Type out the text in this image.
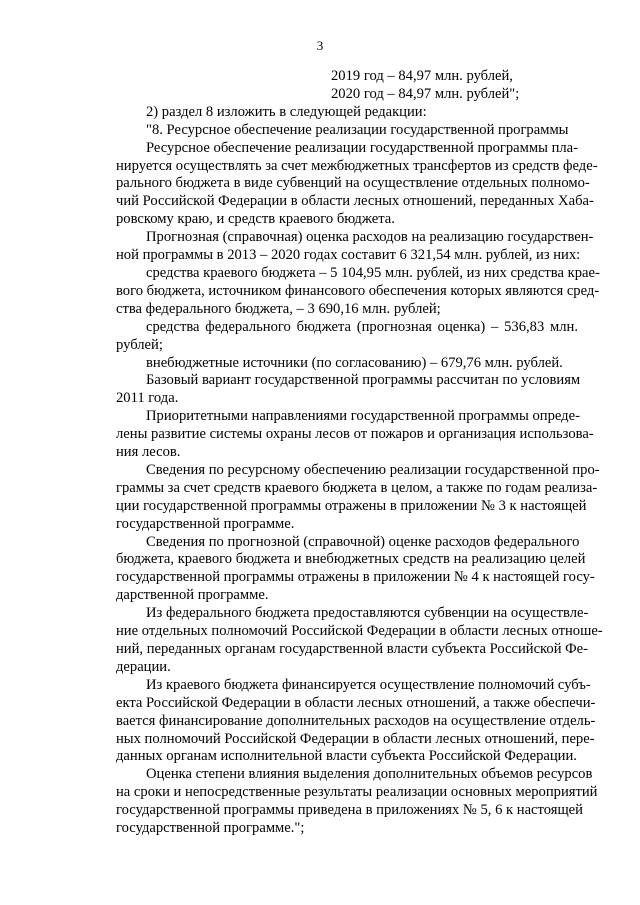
3

2019 год – 84,97 млн. рублей,

2020 год – 84,97 млн. рублей";

2) раздел 8 изложить в следующей редакции:

"8. Ресурсное обеспечение реализации государственной программы

Ресурсное обеспечение реализации государственной программы пла-
нируется осуществлять за счет межбюджетных трансфертов из средств феде-
рального бюджета в виде субвенций на осуществление отдельных полномо-
чий Российской Федерации в области лесных отношений, переданных Хаба-
ровскому краю, и средств краевого бюджета.

Прогнозная (справочная) оценка расходов на реализацию государствен-
ной программы в 2013 – 2020 годах составит 6 321,54 млн. рублей, из них:

средства краевого бюджета – 5 104,95 млн. рублей, из них средства крае-
вого бюджета, источником финансового обеспечения которых являются сред-
ства федерального бюджета, – 3 690,16 млн. рублей;

средства федерального бюджета (прогнозная оценка) – 536,83 млн.
рублей;

внебюджетные источники (по согласованию) – 679,76 млн. рублей.

Базовый вариант государственной программы рассчитан по условиям
2011 года.

Приоритетными направлениями государственной программы опреде-
лены развитие системы охраны лесов от пожаров и организация использова-
ния лесов.

Сведения по ресурсному обеспечению реализации государственной про-
граммы за счет средств краевого бюджета в целом, а также по годам реализа-
ции государственной программы отражены в приложении № 3 к настоящей
государственной программе.

Сведения по прогнозной (справочной) оценке расходов федерального
бюджета, краевого бюджета и внебюджетных средств на реализацию целей
государственной программы отражены в приложении № 4 к настоящей госу-
дарственной программе.

Из федерального бюджета предоставляются субвенции на осуществле-
ние отдельных полномочий Российской Федерации в области лесных отноше-
ний, переданных органам государственной власти субъекта Российской Фе-
дерации.

Из краевого бюджета финансируется осуществление полномочий субъ-
екта Российской Федерации в области лесных отношений, а также обеспечи-
вается финансирование дополнительных расходов на осуществление отдель-
ных полномочий Российской Федерации в области лесных отношений, пере-
данных органам исполнительной власти субъекта Российской Федерации.

Оценка степени влияния выделения дополнительных объемов ресурсов
на сроки и непосредственные результаты реализации основных мероприятий
государственной программы приведена в приложениях № 5, 6 к настоящей
государственной программе.";
